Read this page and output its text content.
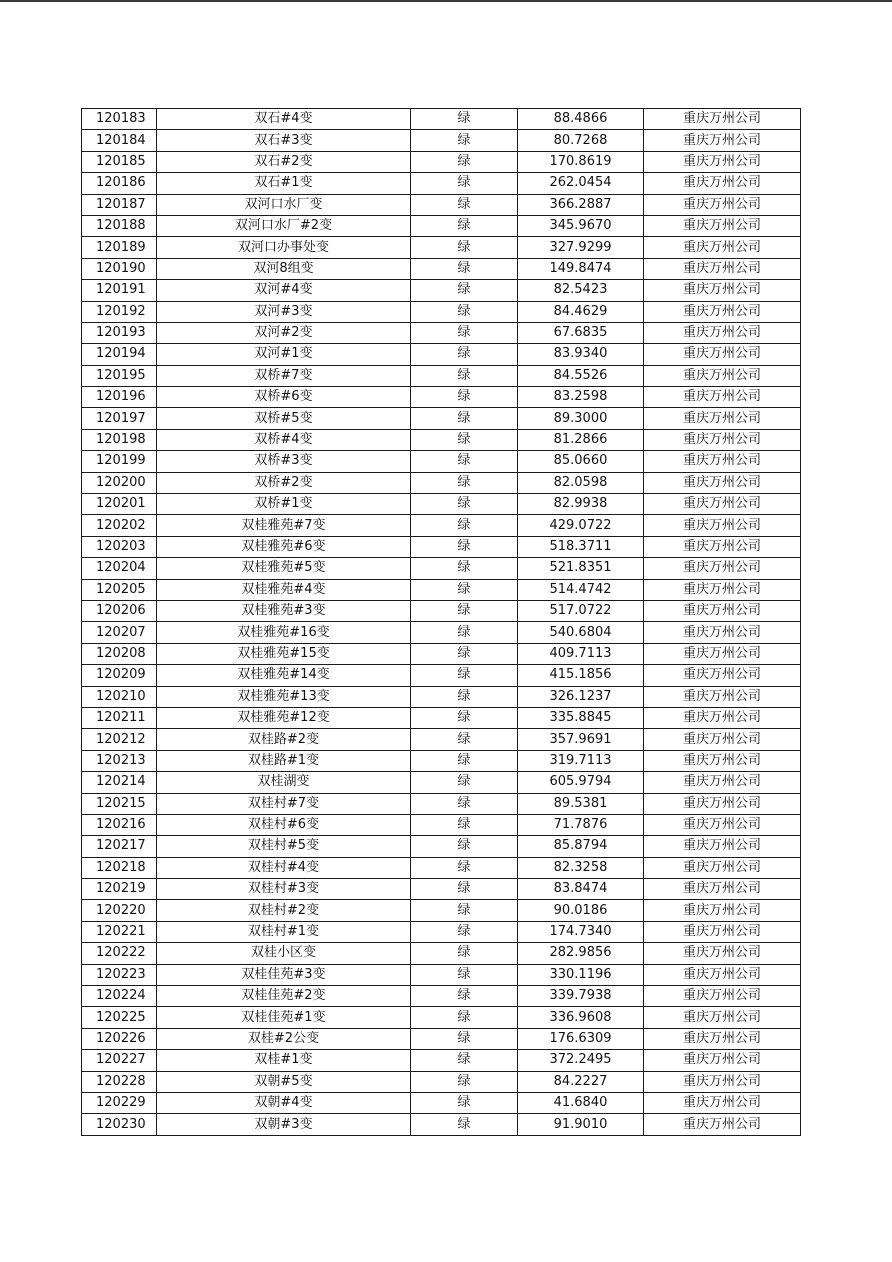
120183	双石#4变	绿	88.4866	重庆万州公司
120184	双石#3变	绿	80.7268	重庆万州公司
120185	双石#2变	绿	170.8619	重庆万州公司
120186	双石#1变	绿	262.0454	重庆万州公司
120187	双河口水厂变	绿	366.2887	重庆万州公司
120188	双河口水厂#2变	绿	345.9670	重庆万州公司
120189	双河口办事处变	绿	327.9299	重庆万州公司
120190	双河8组变	绿	149.8474	重庆万州公司
120191	双河#4变	绿	82.5423	重庆万州公司
120192	双河#3变	绿	84.4629	重庆万州公司
120193	双河#2变	绿	67.6835	重庆万州公司
120194	双河#1变	绿	83.9340	重庆万州公司
120195	双桥#7变	绿	84.5526	重庆万州公司
120196	双桥#6变	绿	83.2598	重庆万州公司
120197	双桥#5变	绿	89.3000	重庆万州公司
120198	双桥#4变	绿	81.2866	重庆万州公司
120199	双桥#3变	绿	85.0660	重庆万州公司
120200	双桥#2变	绿	82.0598	重庆万州公司
120201	双桥#1变	绿	82.9938	重庆万州公司
120202	双桂雅苑#7变	绿	429.0722	重庆万州公司
120203	双桂雅苑#6变	绿	518.3711	重庆万州公司
120204	双桂雅苑#5变	绿	521.8351	重庆万州公司
120205	双桂雅苑#4变	绿	514.4742	重庆万州公司
120206	双桂雅苑#3变	绿	517.0722	重庆万州公司
120207	双桂雅苑#16变	绿	540.6804	重庆万州公司
120208	双桂雅苑#15变	绿	409.7113	重庆万州公司
120209	双桂雅苑#14变	绿	415.1856	重庆万州公司
120210	双桂雅苑#13变	绿	326.1237	重庆万州公司
120211	双桂雅苑#12变	绿	335.8845	重庆万州公司
120212	双桂路#2变	绿	357.9691	重庆万州公司
120213	双桂路#1变	绿	319.7113	重庆万州公司
120214	双桂湖变	绿	605.9794	重庆万州公司
120215	双桂村#7变	绿	89.5381	重庆万州公司
120216	双桂村#6变	绿	71.7876	重庆万州公司
120217	双桂村#5变	绿	85.8794	重庆万州公司
120218	双桂村#4变	绿	82.3258	重庆万州公司
120219	双桂村#3变	绿	83.8474	重庆万州公司
120220	双桂村#2变	绿	90.0186	重庆万州公司
120221	双桂村#1变	绿	174.7340	重庆万州公司
120222	双桂小区变	绿	282.9856	重庆万州公司
120223	双桂佳苑#3变	绿	330.1196	重庆万州公司
120224	双桂佳苑#2变	绿	339.7938	重庆万州公司
120225	双桂佳苑#1变	绿	336.9608	重庆万州公司
120226	双桂#2公变	绿	176.6309	重庆万州公司
120227	双桂#1变	绿	372.2495	重庆万州公司
120228	双朝#5变	绿	84.2227	重庆万州公司
120229	双朝#4变	绿	41.6840	重庆万州公司
120230	双朝#3变	绿	91.9010	重庆万州公司
